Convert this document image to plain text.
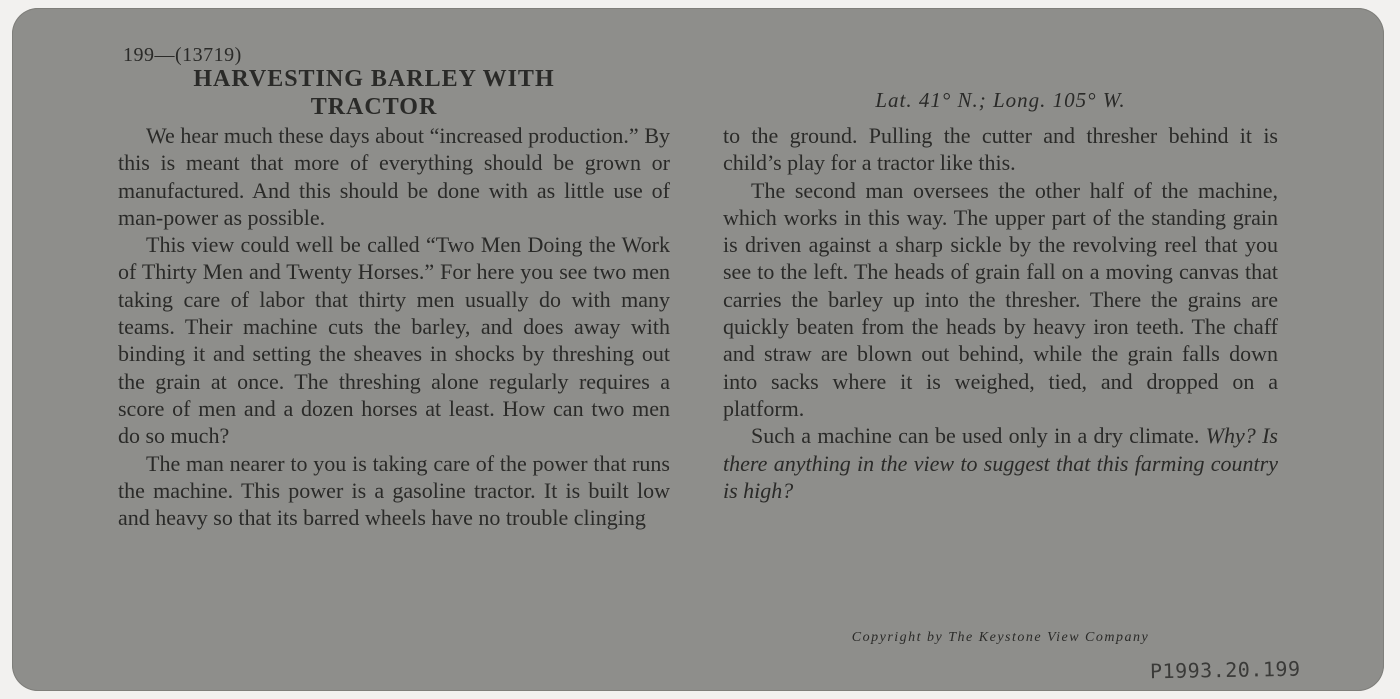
199—(13719)
HARVESTING BARLEY WITH
TRACTOR

We hear much these days about “increased production.” By this is meant that more of everything should be grown or manufactured. And this should be done with as little use of man-power as possible.

This view could well be called “Two Men Doing the Work of Thirty Men and Twenty Horses.” For here you see two men taking care of labor that thirty men usually do with many teams. Their machine cuts the barley, and does away with binding it and setting the sheaves in shocks by threshing out the grain at once. The threshing alone regularly requires a score of men and a dozen horses at least. How can two men do so much?

The man nearer to you is taking care of the power that runs the machine. This power is a gasoline tractor. It is built low and heavy so that its barred wheels have no trouble clinging

Lat. 41° N.; Long. 105° W.

to the ground. Pulling the cutter and thresher behind it is child’s play for a tractor like this.

The second man oversees the other half of the machine, which works in this way. The upper part of the standing grain is driven against a sharp sickle by the revolving reel that you see to the left. The heads of grain fall on a moving canvas that carries the barley up into the thresher. There the grains are quickly beaten from the heads by heavy iron teeth. The chaff and straw are blown out behind, while the grain falls down into sacks where it is weighed, tied, and dropped on a platform.

Such a machine can be used only in a dry climate. Why? Is there anything in the view to suggest that this farming country is high?

Copyright by The Keystone View Company
P1993.20.199
